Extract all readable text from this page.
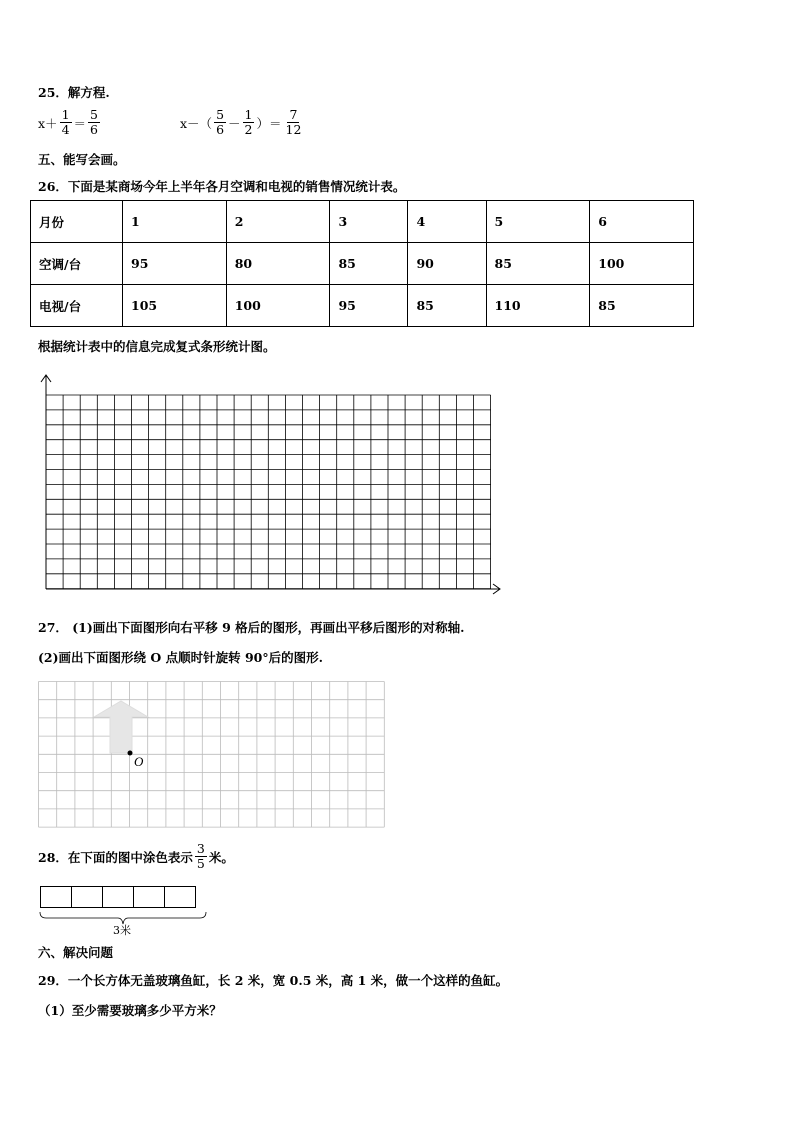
25．解方程.
$x+ \frac{1}{4} = \frac{5}{6}$	$x-( \frac{5}{6} - \frac{1}{2}$ ）＝ $\frac{7}{12}$
五、能写会画。
26．下面是某商场今年上半年各月空调和电视的销售情况统计表。
月份	1	2	3	4	5	6
空调/台	95	80	85	90	85	100
电视/台	105	100	95	85	110	85
根据统计表中的信息完成复式条形统计图。
27． (1)画出下面图形向右平移 9 格后的图形，再画出平移后图形的对称轴.
(2)画出下面图形绕 O 点顺时针旋转 90°后的图形.
O
28．在下面的图中涂色表示 $\frac{3}{5}$ 米。
3米
六、解决问题
29．一个长方体无盖玻璃鱼缸，长 2 米，宽 0.5 米，高 1 米，做一个这样的鱼缸。
（1）至少需要玻璃多少平方米？
